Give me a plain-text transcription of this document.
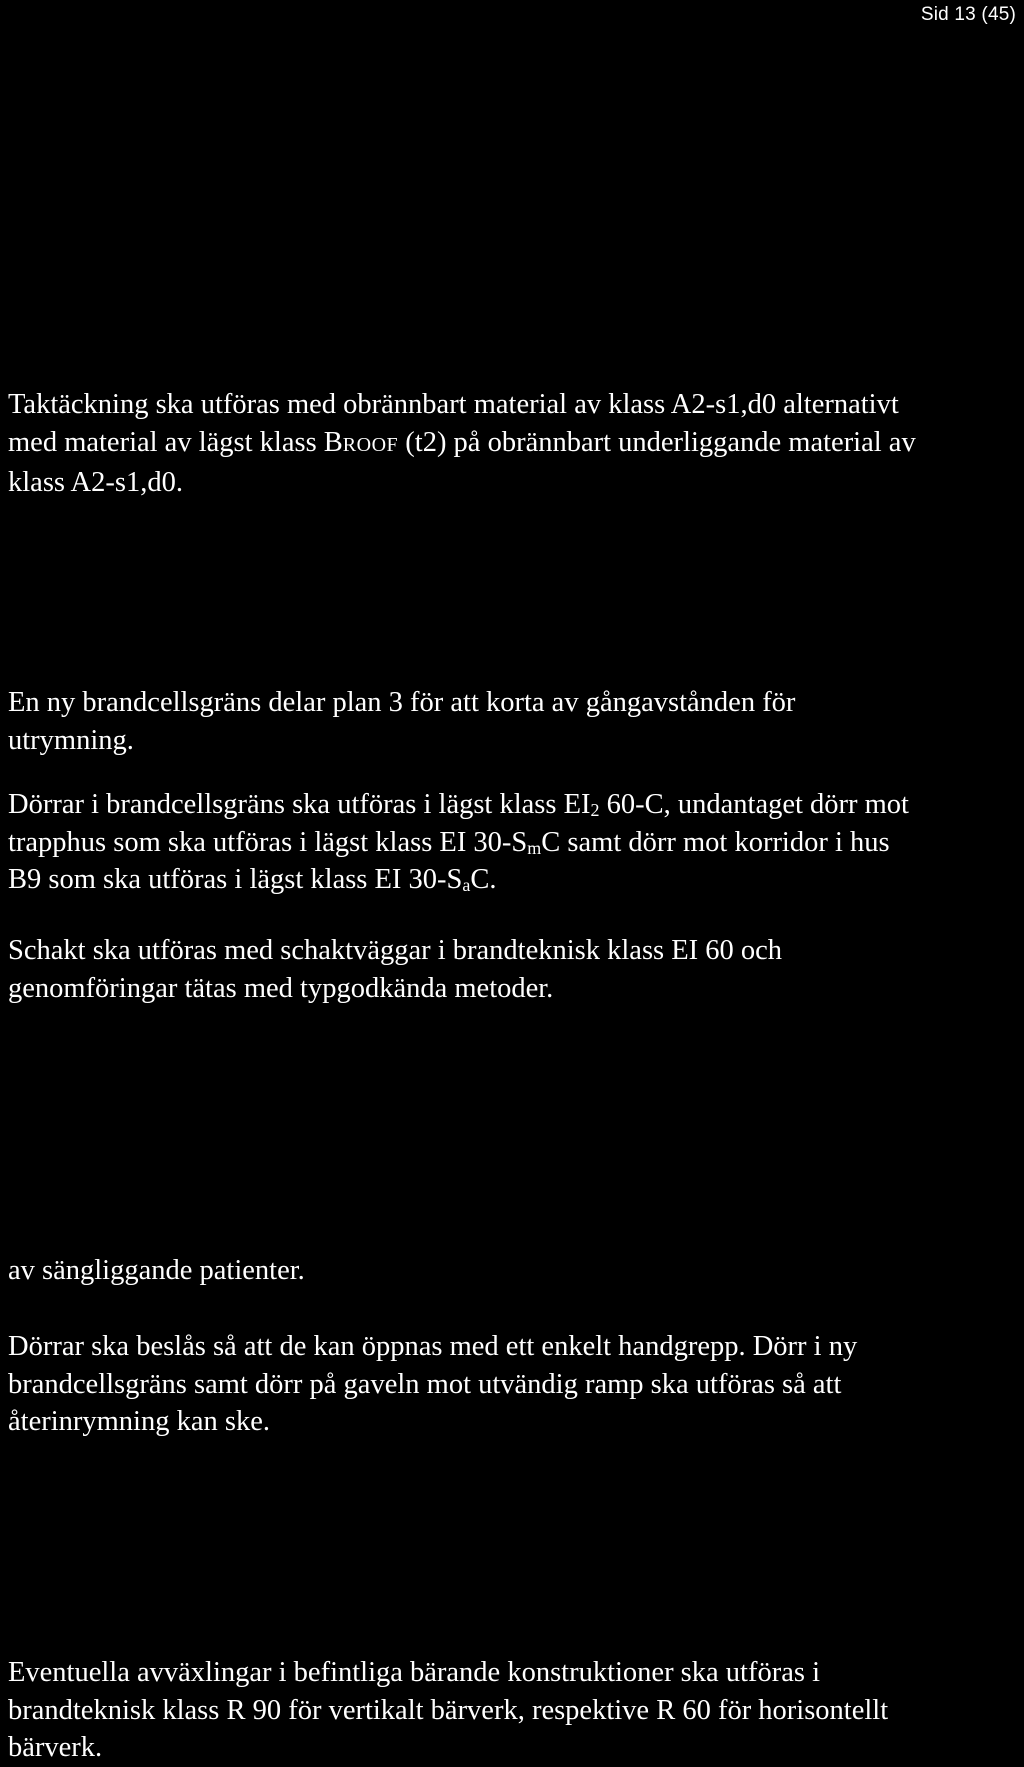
Sid 13 (45)

Taktäckning ska utföras med obrännbart material av klass A2-s1,d0 alternativt
med material av lägst klass BROOF (t2) på obrännbart underliggande material av
klass A2-s1,d0.

En ny brandcellsgräns delar plan 3 för att korta av gångavstånden för
utrymning.

Dörrar i brandcellsgräns ska utföras i lägst klass $EI_2$ 60-C, undantaget dörr mot
trapphus som ska utföras i lägst klass EI $30-S_mC$ samt dörr mot korridor i hus
B9 som ska utföras i lägst klass EI $30-S_aC$.

Schakt ska utföras med schaktväggar i brandteknisk klass EI 60 och
genomföringar tätas med typgodkända metoder.

av sängliggande patienter.

Dörrar ska beslås så att de kan öppnas med ett enkelt handgrepp. Dörr i ny
brandcellsgräns samt dörr på gaveln mot utvändig ramp ska utföras så att
återinrymning kan ske.

Eventuella avväxlingar i befintliga bärande konstruktioner ska utföras i
brandteknisk klass R 90 för vertikalt bärverk, respektive R 60 för horisontellt
bärverk.
